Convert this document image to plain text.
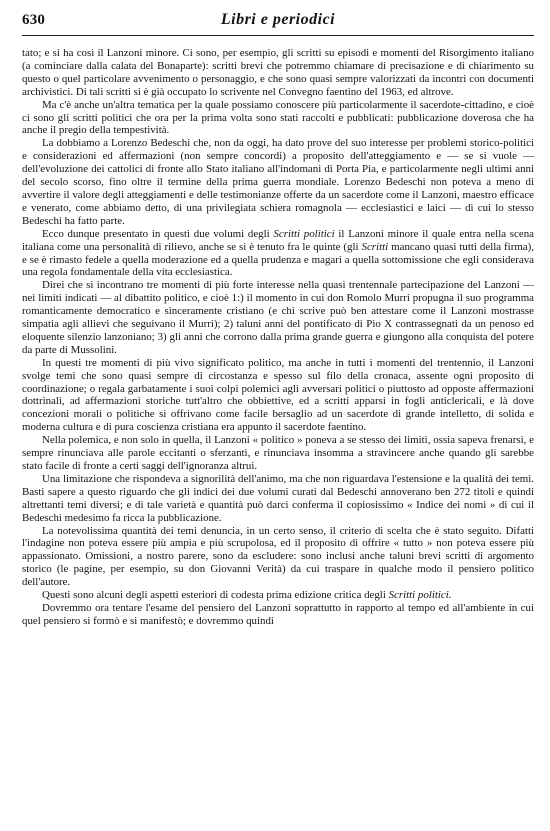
630	Libri e periodici

tato; e si ha così il Lanzoni minore. Ci sono, per esempio, gli scritti su episodi e momenti del Risorgimento italiano (a cominciare dalla calata del Bonaparte): scritti brevi che potremmo chiamare di precisazione e di chiarimento su questo o quel particolare avvenimento o personaggio, e che sono quasi sempre valorizzati da incontri con documenti archivistici. Di tali scritti si è già occupato lo scrivente nel Convegno faentino del 1963, ed altrove.

Ma c'è anche un'altra tematica per la quale possiamo conoscere più particolarmente il sacerdote-cittadino, e cioè ci sono gli scritti politici che ora per la prima volta sono stati raccolti e pubblicati: pubblicazione doverosa che ha anche il pregio della tempestività.

La dobbiamo a Lorenzo Bedeschi che, non da oggi, ha dato prove del suo interesse per problemi storico-politici e considerazioni ed affermazioni (non sempre concordi) a proposito dell'atteggiamento e — se si vuole — dell'evoluzione dei cattolici di fronte allo Stato italiano all'indomani di Porta Pia, e particolarmente negli ultimi anni del secolo scorso, fino oltre il termine della prima guerra mondiale. Lorenzo Bedeschi non poteva a meno di avvertire il valore degli atteggiamenti e delle testimonianze offerte da un sacerdote come il Lanzoni, maestro efficace e venerato, come abbiamo detto, di una privilegiata schiera romagnola — ecclesiastici e laici — di cui lo stesso Bedeschi ha fatto parte.

Ecco dunque presentato in questi due volumi degli Scritti politici il Lanzoni minore il quale entra nella scena italiana come una personalità di rilievo, anche se si è tenuto fra le quinte (gli Scritti mancano quasi tutti della firma), e se è rimasto fedele a quella moderazione ed a quella prudenza e magari a quella sottomissione che egli considerava una regola fondamentale della vita ecclesiastica.

Direi che si incontrano tre momenti di più forte interesse nella quasi trentennale partecipazione del Lanzoni — nei limiti indicati — al dibattito politico, e cioè 1:) il momento in cui don Romolo Murri propugna il suo programma romanticamente democratico e sinceramente cristiano (e chi scrive può ben attestare come il Lanzoni mostrasse simpatia agli allievi che seguivano il Murri); 2) taluni anni del pontificato di Pio X contrassegnati da un penoso ed eloquente silenzio lanzoniano; 3) gli anni che corrono dalla prima grande guerra e giungono alla conquista del potere da parte di Mussolini.

In questi tre momenti di più vivo significato politico, ma anche in tutti i momenti del trentennio, il Lanzoni svolge temi che sono quasi sempre di circostanza e spesso sul filo della cronaca, assente ogni proposito di coordinazione; o regala garbatamente i suoi colpi polemici agli avversari politici o piuttosto ad opposte affermazioni dottrinali, ad affermazioni storiche tutt'altro che obbiettive, ed a scritti apparsi in fogli anticlericali, e là dove concezioni morali o politiche si offrivano come facile bersaglio ad un sacerdote di grande intelletto, di solida e moderna cultura e di pura coscienza cristiana era appunto il sacerdote faentino.

Nella polemica, e non solo in quella, il Lanzoni « politico » poneva a se stesso dei limiti, ossia sapeva frenarsi, e sempre rinunciava alle parole eccitanti o sferzanti, e rinunciava insomma a stravincere anche quando gli sarebbe stato facile di fronte a certi saggi dell'ignoranza altrui.

Una limitazione che rispondeva a signorilità dell'animo, ma che non riguardava l'estensione e la qualità dei temi. Basti sapere a questo riguardo che gli indici dei due volumi curati dal Bedeschi annoverano ben 272 titoli e quindi altrettanti temi diversi; e di tale varietà e quantità può darci conferma il copiosissimo « Indice dei nomi » di cui il Bedeschi medesimo fa ricca la pubblicazione.

La notevolissima quantità dei temi denuncia, in un certo senso, il criterio di scelta che è stato seguito. Difatti l'indagine non poteva essere più ampia e più scrupolosa, ed il proposito di offrire « tutto » non poteva essere più appassionato. Omissioni, a nostro parere, sono da escludere: sono inclusi anche taluni brevi scritti di argomento storico (le pagine, per esempio, su don Giovanni Verità) da cui traspare in qualche modo il pensiero politico dell'autore.

Questi sono alcuni degli aspetti esteriori di codesta prima edizione critica degli Scritti politici.

Dovremmo ora tentare l'esame del pensiero del Lanzoni soprattutto in rapporto al tempo ed all'ambiente in cui quel pensiero si formò e si manifestò; e dovremmo quindi
